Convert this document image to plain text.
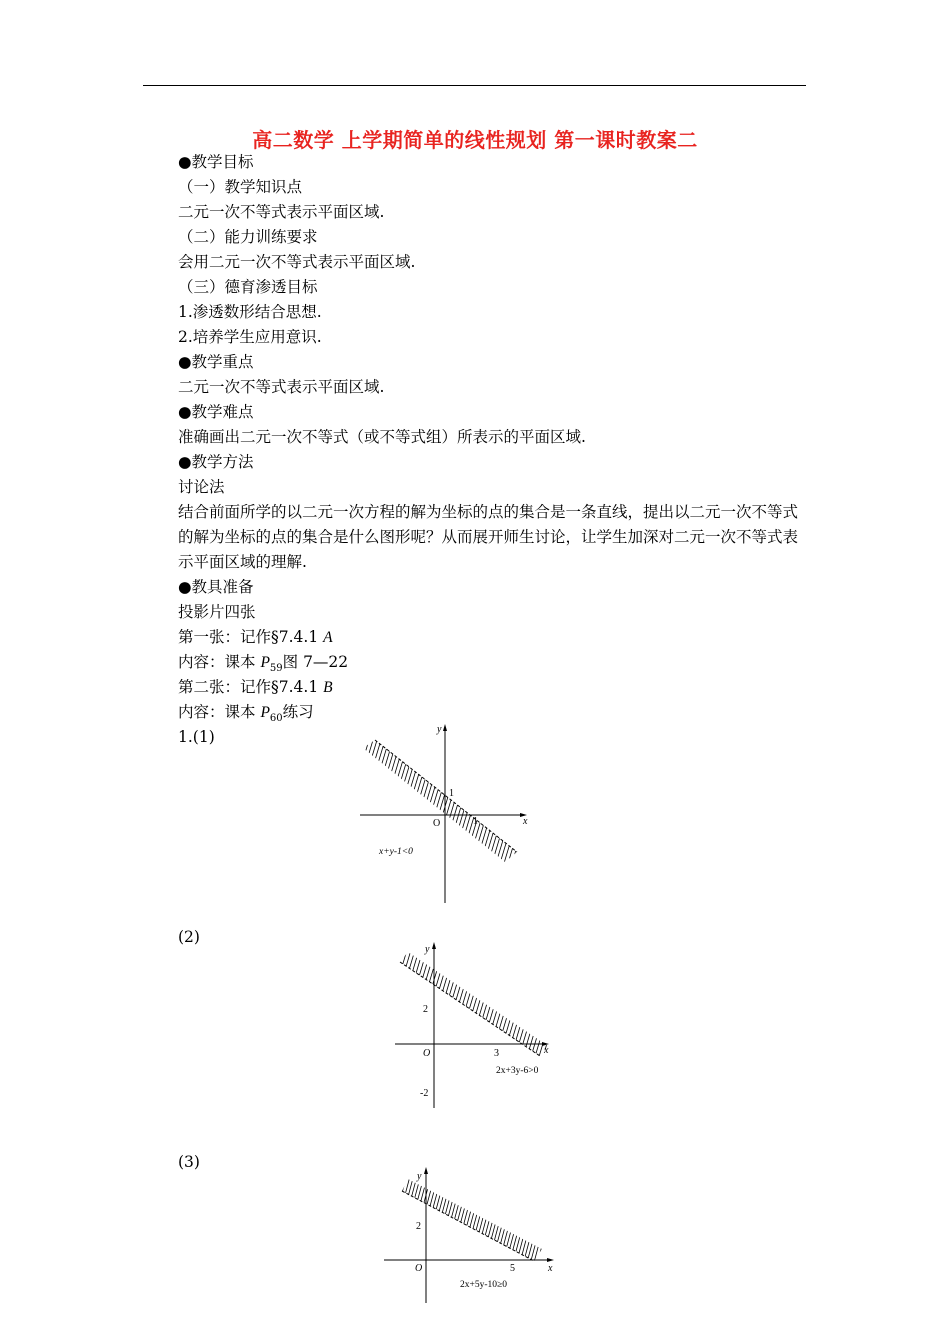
高二数学 上学期简单的线性规划 第一课时教案二
●教学目标
（一）教学知识点
二元一次不等式表示平面区域.
（二）能力训练要求
会用二元一次不等式表示平面区域.
（三）德育渗透目标
1.渗透数形结合思想.
2.培养学生应用意识.
●教学重点
二元一次不等式表示平面区域.
●教学难点
准确画出二元一次不等式（或不等式组）所表示的平面区域.
●教学方法
讨论法
结合前面所学的以二元一次方程的解为坐标的点的集合是一条直线，提出以二元一次不等式的解为坐标的点的集合是什么图形呢？从而展开师生讨论，让学生加深对二元一次不等式表示平面区域的理解.
●教具准备
投影片四张
第一张：记作§7.4.1 A
内容：课本 $P_{59}$图 7—22
第二张：记作§7.4.1 B
内容：课本 $P_{60}$练习
1.(1)
(2)
(3)
y
x
O
1
1
x+y-1<0
y
x
O
2
3
-2
2x+3y-6>0
y
x
O
2
5
2x+5y-10≥0
